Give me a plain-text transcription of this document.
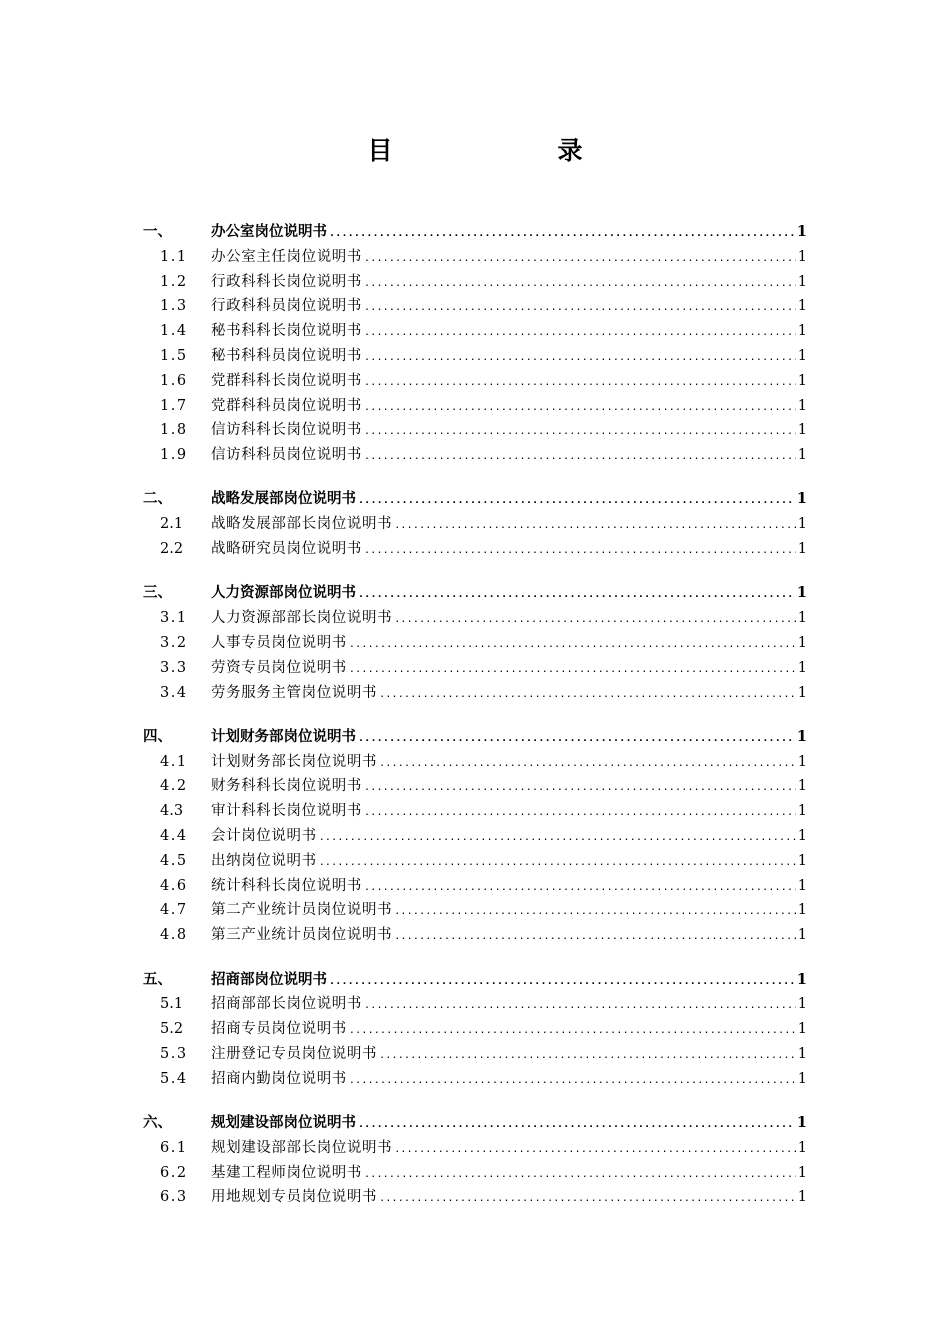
目　录
一、	办公室岗位说明书 .....	1
1.1 办公室主任岗位说明书 .....	1
1.2 行政科科长岗位说明书 .....	1
1.3 行政科科员岗位说明书 .....	1
1.4 秘书科科长岗位说明书 .....	1
1.5 秘书科科员岗位说明书 .....	1
1.6 党群科科长岗位说明书 .....	1
1.7 党群科科员岗位说明书 .....	1
1.8 信访科科长岗位说明书 .....	1
1.9 信访科科员岗位说明书 .....	1
二、	战略发展部岗位说明书 .....	1
2.1 战略发展部部长岗位说明书 .....	1
2.2 战略研究员岗位说明书 .....	1
三、	人力资源部岗位说明书 .....	1
3.1 人力资源部部长岗位说明书 .....	1
3.2 人事专员岗位说明书 .....	1
3.3 劳资专员岗位说明书 .....	1
3.4 劳务服务主管岗位说明书 .....	1
四、	计划财务部岗位说明书 .....	1
4.1 计划财务部长岗位说明书 .....	1
4.2 财务科科长岗位说明书 .....	1
4.3 审计科科长岗位说明书 .....	1
4.4 会计岗位说明书 .....	1
4.5 出纳岗位说明书 .....	1
4.6 统计科科长岗位说明书 .....	1
4.7 第二产业统计员岗位说明书 .....	1
4.8 第三产业统计员岗位说明书 .....	1
五、	招商部岗位说明书 .....	1
5.1 招商部部长岗位说明书 .....	1
5.2 招商专员岗位说明书 .....	1
5.3 注册登记专员岗位说明书 .....	1
5.4 招商内勤岗位说明书 .....	1
六、	规划建设部岗位说明书 .....	1
6.1 规划建设部部长岗位说明书 .....	1
6.2 基建工程师岗位说明书 .....	1
6.3 用地规划专员岗位说明书 .....	1
